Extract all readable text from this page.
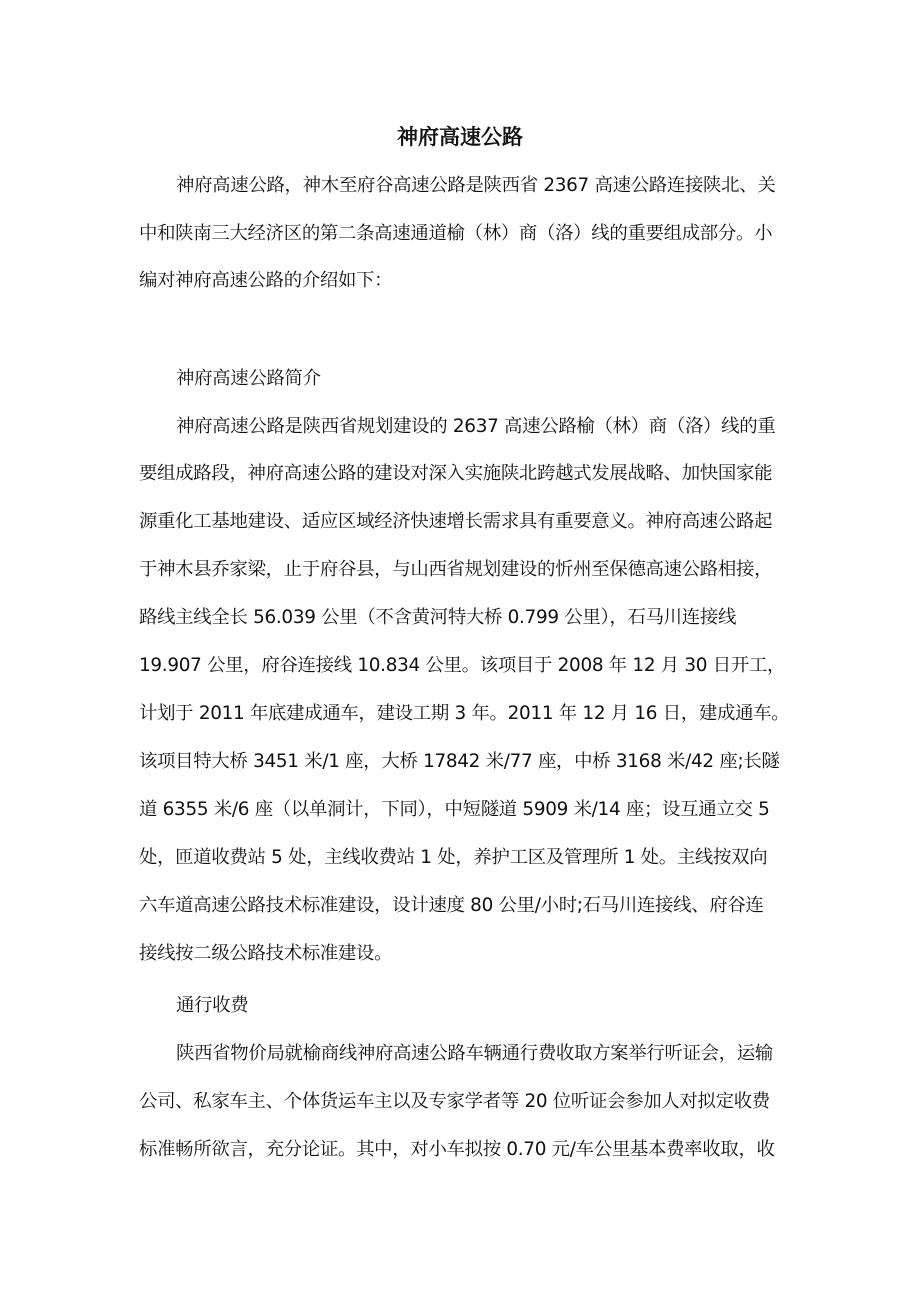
神府高速公路
神府高速公路，神木至府谷高速公路是陕西省 2367 高速公路连接陕北、关
中和陕南三大经济区的第二条高速通道榆（林）商（洛）线的重要组成部分。小
编对神府高速公路的介绍如下：
神府高速公路简介
神府高速公路是陕西省规划建设的 2637 高速公路榆（林）商（洛）线的重
要组成路段，神府高速公路的建设对深入实施陕北跨越式发展战略、加快国家能
源重化工基地建设、适应区域经济快速增长需求具有重要意义。神府高速公路起
于神木县乔家梁，止于府谷县，与山西省规划建设的忻州至保德高速公路相接，
路线主线全长 56.039 公里（不含黄河特大桥 0.799 公里），石马川连接线
19.907 公里，府谷连接线 10.834 公里。该项目于 2008 年 12 月 30 日开工，
计划于 2011 年底建成通车，建设工期 3 年。2011 年 12 月 16 日，建成通车。
该项目特大桥 3451 米/1 座，大桥 17842 米/77 座，中桥 3168 米/42 座;长隧
道 6355 米/6 座（以单洞计，下同），中短隧道 5909 米/14 座；设互通立交 5
处，匝道收费站 5 处，主线收费站 1 处，养护工区及管理所 1 处。主线按双向
六车道高速公路技术标准建设，设计速度 80 公里/小时;石马川连接线、府谷连
接线按二级公路技术标准建设。
通行收费
陕西省物价局就榆商线神府高速公路车辆通行费收取方案举行听证会，运输
公司、私家车主、个体货运车主以及专家学者等 20 位听证会参加人对拟定收费
标准畅所欲言，充分论证。其中，对小车拟按 0.70 元/车公里基本费率收取，收
